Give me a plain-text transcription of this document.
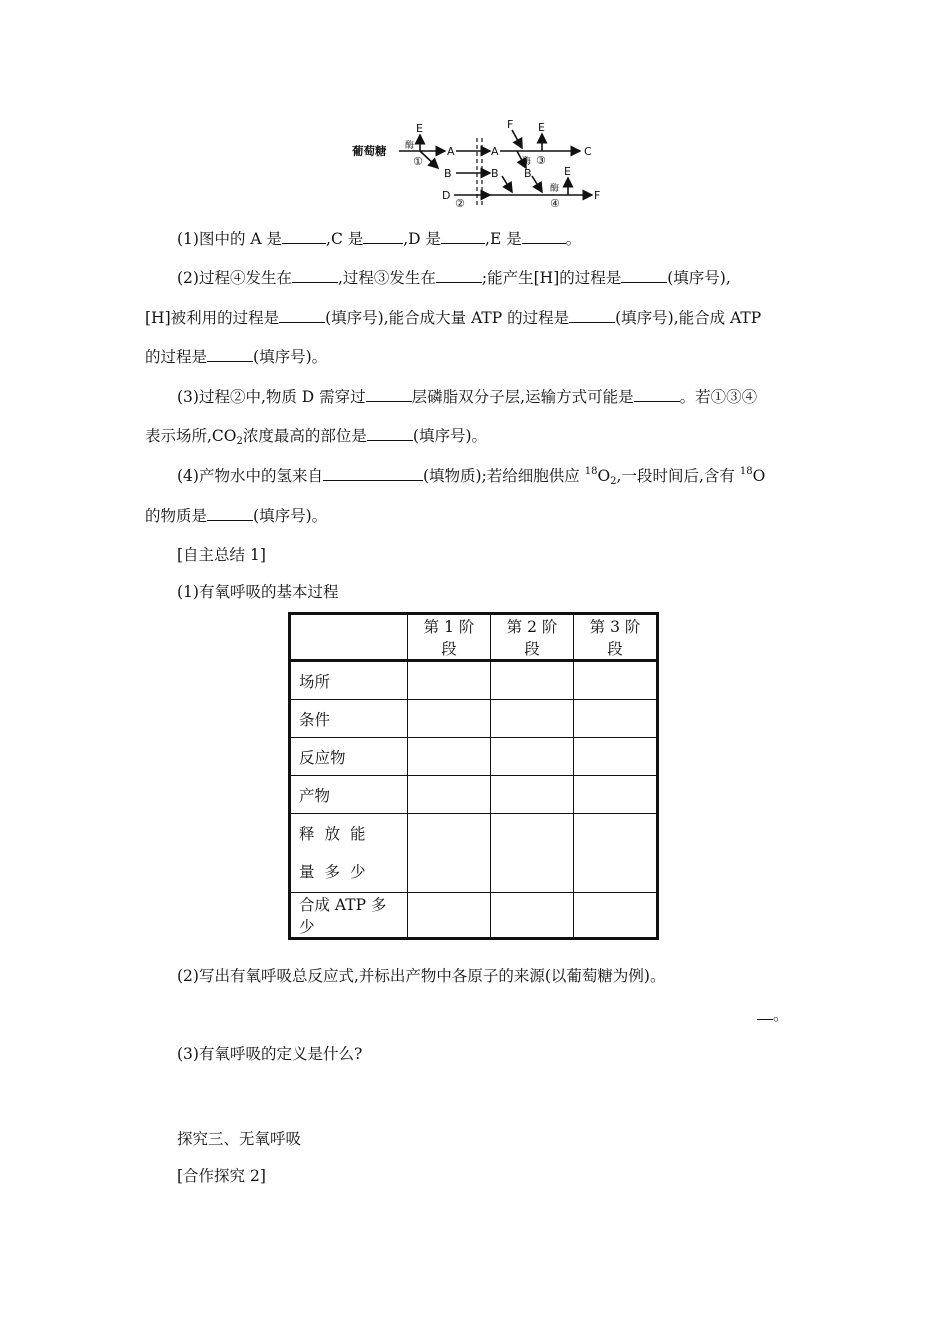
葡萄糖 酶
E
①
A
B
D
②
A
B
F E
酶 ③
C
B	E
酶
④
F
(1)图中的 A 是	,C 是	,D 是	,E 是	。
(2)过程④发生在	,过程③发生在	;能产生[H]的过程是	(填序号),
[H]被利用的过程是	(填序号),能合成大量 ATP 的过程是	(填序号),能合成 ATP
的过程是	(填序号)。
(3)过程②中,物质 D 需穿过	层磷脂双分子层,运输方式可能是	。若①③④
表示场所$,CO_2$浓度最高的部位是	(填序号)。
(4)产物水中的氢来自	(填物质);若给细胞供应 $^{18}O_2$,一段时间后,含有 $^{18}$O
的物质是	(填序号)。
[自主总结 1]
(1)有氧呼吸的基本过程
	第 1 阶段	第 2 阶段	第 3 阶段
场所			
条件			
反应物			
产物			

释放能量多少			

合成 ATP 多少			
(2)写出有氧呼吸总反应式,并标出产物中各原子的来源(以葡萄糖为例)。
。
(3)有氧呼吸的定义是什么?
探究三、无氧呼吸
[合作探究 2]
